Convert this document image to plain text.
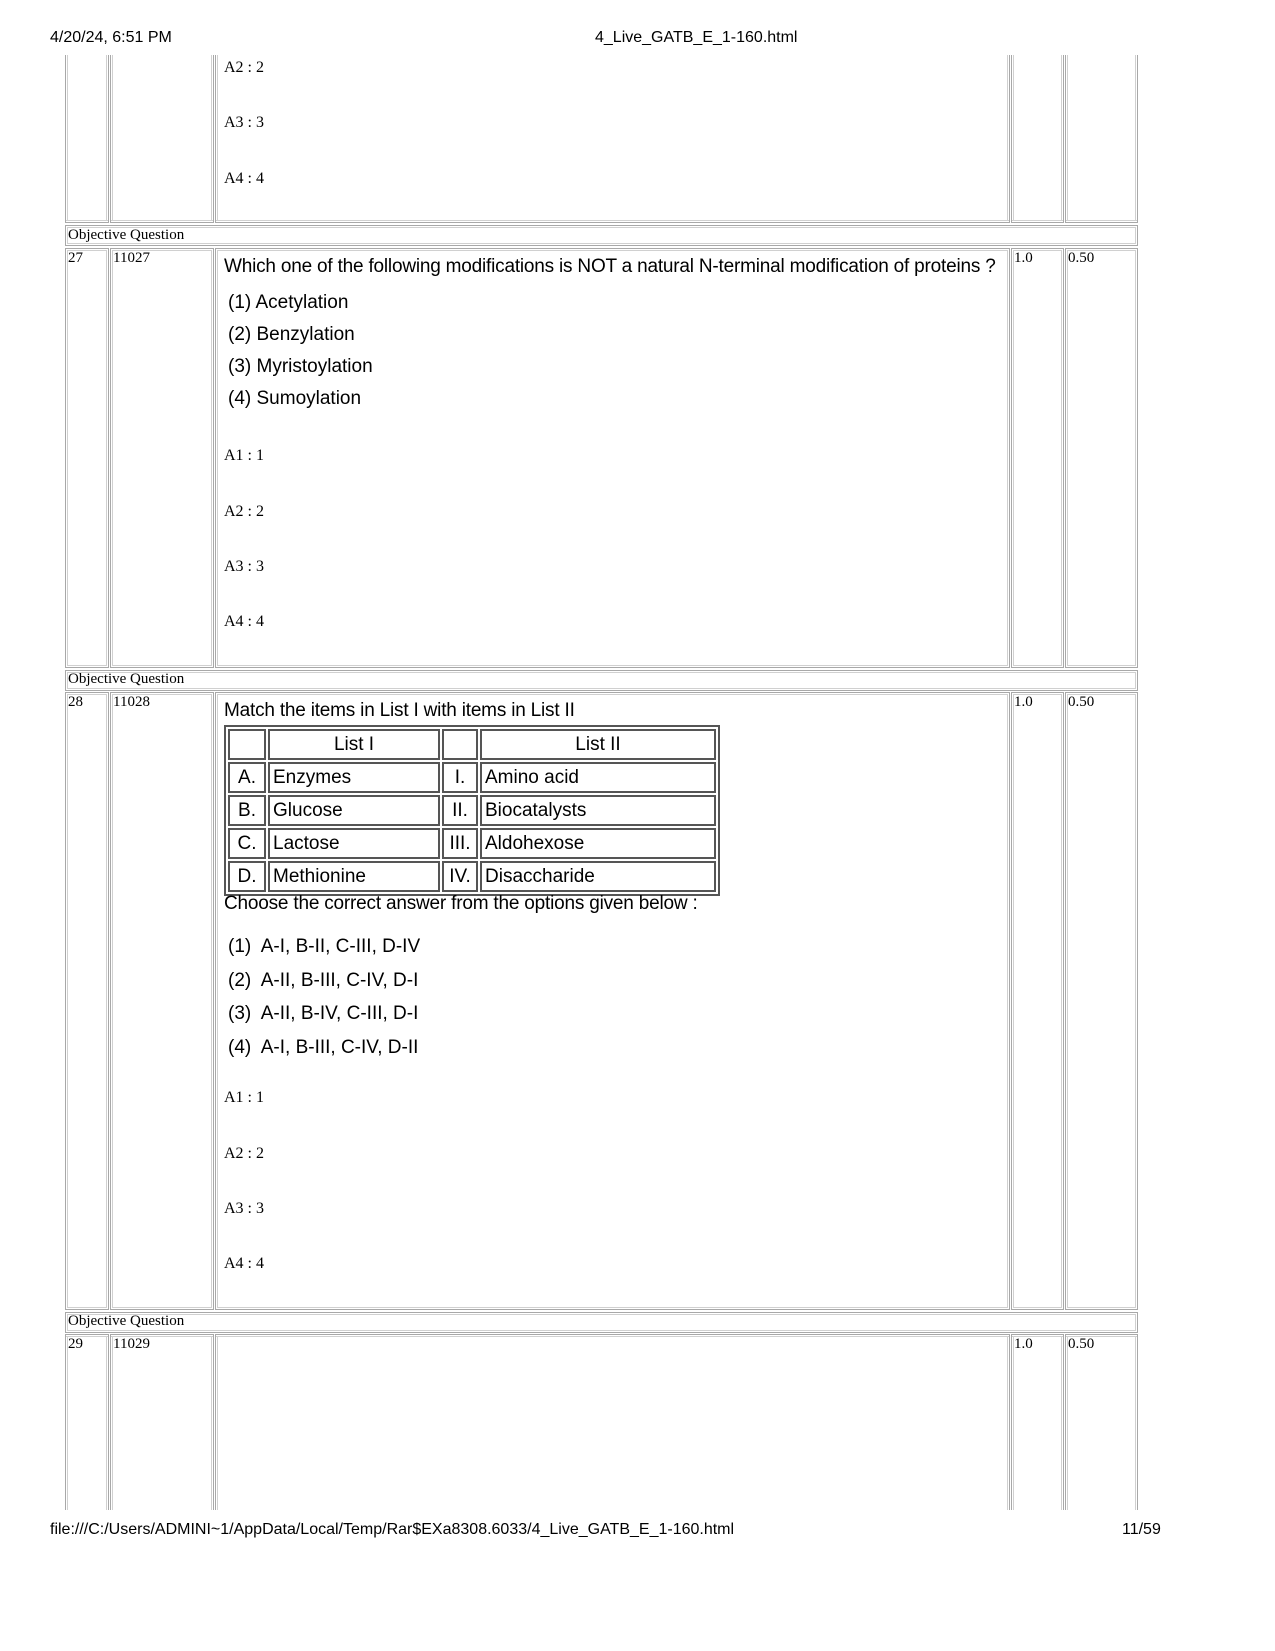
4/20/24, 6:51 PM	4_Live_GATB_E_1-160.html
A2 : 2
A3 : 3
A4 : 4
Objective Question
27 11027	1.0 0.50
Which one of the following modifications is NOT a natural N-terminal modification of proteins ?
(1) Acetylation
(2) Benzylation
(3) Myristoylation
(4) Sumoylation
A1 : 1
A2 : 2
A3 : 3
A4 : 4
Objective Question
28 11028	1.0 0.50
Match the items in List I with items in List II
	List I		List II
A.	Enzymes	I.	Amino acid
B.	Glucose	II.	Biocatalysts
C.	Lactose	III.	Aldohexose
D.	Methionine	IV.	Disaccharide
Choose the correct answer from the options given below :
(1)  A-I, B-II, C-III, D-IV
(2)  A-II, B-III, C-IV, D-I
(3)  A-II, B-IV, C-III, D-I
(4)  A-I, B-III, C-IV, D-II
A1 : 1
A2 : 2
A3 : 3
A4 : 4
Objective Question
29 11029	1.0 0.50
file:///C:/Users/ADMINI~1/AppData/Local/Temp/Rar$EXa8308.6033/4_Live_GATB_E_1-160.html	11/59
